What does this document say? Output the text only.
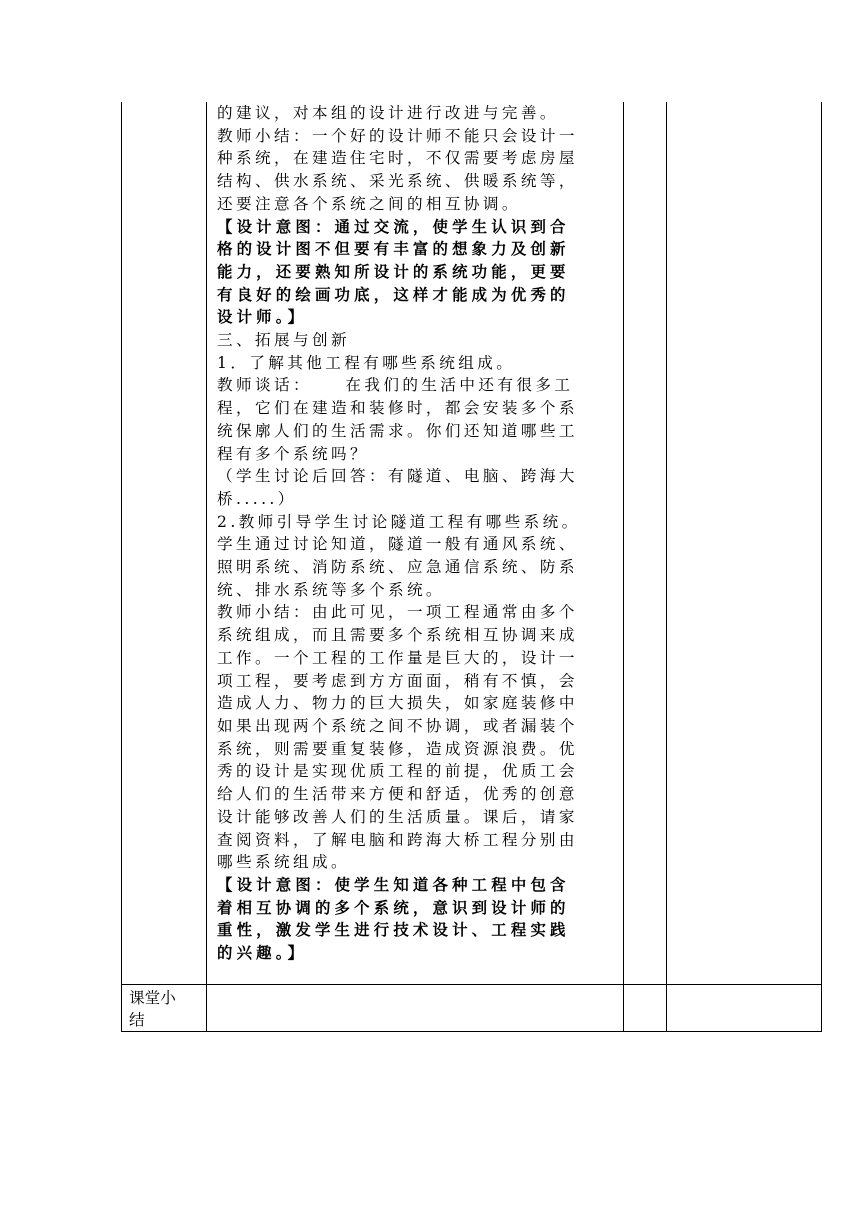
的建议，对本组的设计进行改进与完善。

教师小结：一个好的设计师不能只会设计一

种系统，在建造住宅时，不仅需要考虑房屋

结构、供水系统、采光系统、供暖系统等，

还要注意各个系统之间的相互协调。

【设计意图：通过交流，使学生认识到合

格的设计图不但要有丰富的想象力及创新

能力，还要熟知所设计的系统功能，更要

有良好的绘画功底，这样才能成为优秀的

设计师。】

三、拓展与创新

1．了解其他工程有哪些系统组成。

教师谈话：    在我们的生活中还有很多工

程，它们在建造和装修时，都会安装多个系

统保廓人们的生活需求。你们还知道哪些工

程有多个系统吗？

（学生讨论后回答：有隧道、电脑、跨海大

桥.....）

2.教师引导学生讨论隧道工程有哪些系统。

学生通过讨论知道，隧道一般有通风系统、

照明系统、消防系统、应急通信系统、防系

统、排水系统等多个系统。

教师小结：由此可见，一项工程通常由多个

系统组成，而且需要多个系统相互协调来成

工作。一个工程的工作量是巨大的，设计一

项工程，要考虑到方方面面，稍有不慎，会

造成人力、物力的巨大损失，如家庭装修中

如果出现两个系统之间不协调，或者漏装个

系统，则需要重复装修，造成资源浪费。优

秀的设计是实现优质工程的前提，优质工会

给人们的生活带来方便和舒适，优秀的创意

设计能够改善人们的生活质量。课后，请家

查阅资料，了解电脑和跨海大桥工程分别由

哪些系统组成。

【设计意图：使学生知道各种工程中包含

着相互协调的多个系统，意识到设计师的

重性，激发学生进行技术设计、工程实践

的兴趣。】

课堂小
结
